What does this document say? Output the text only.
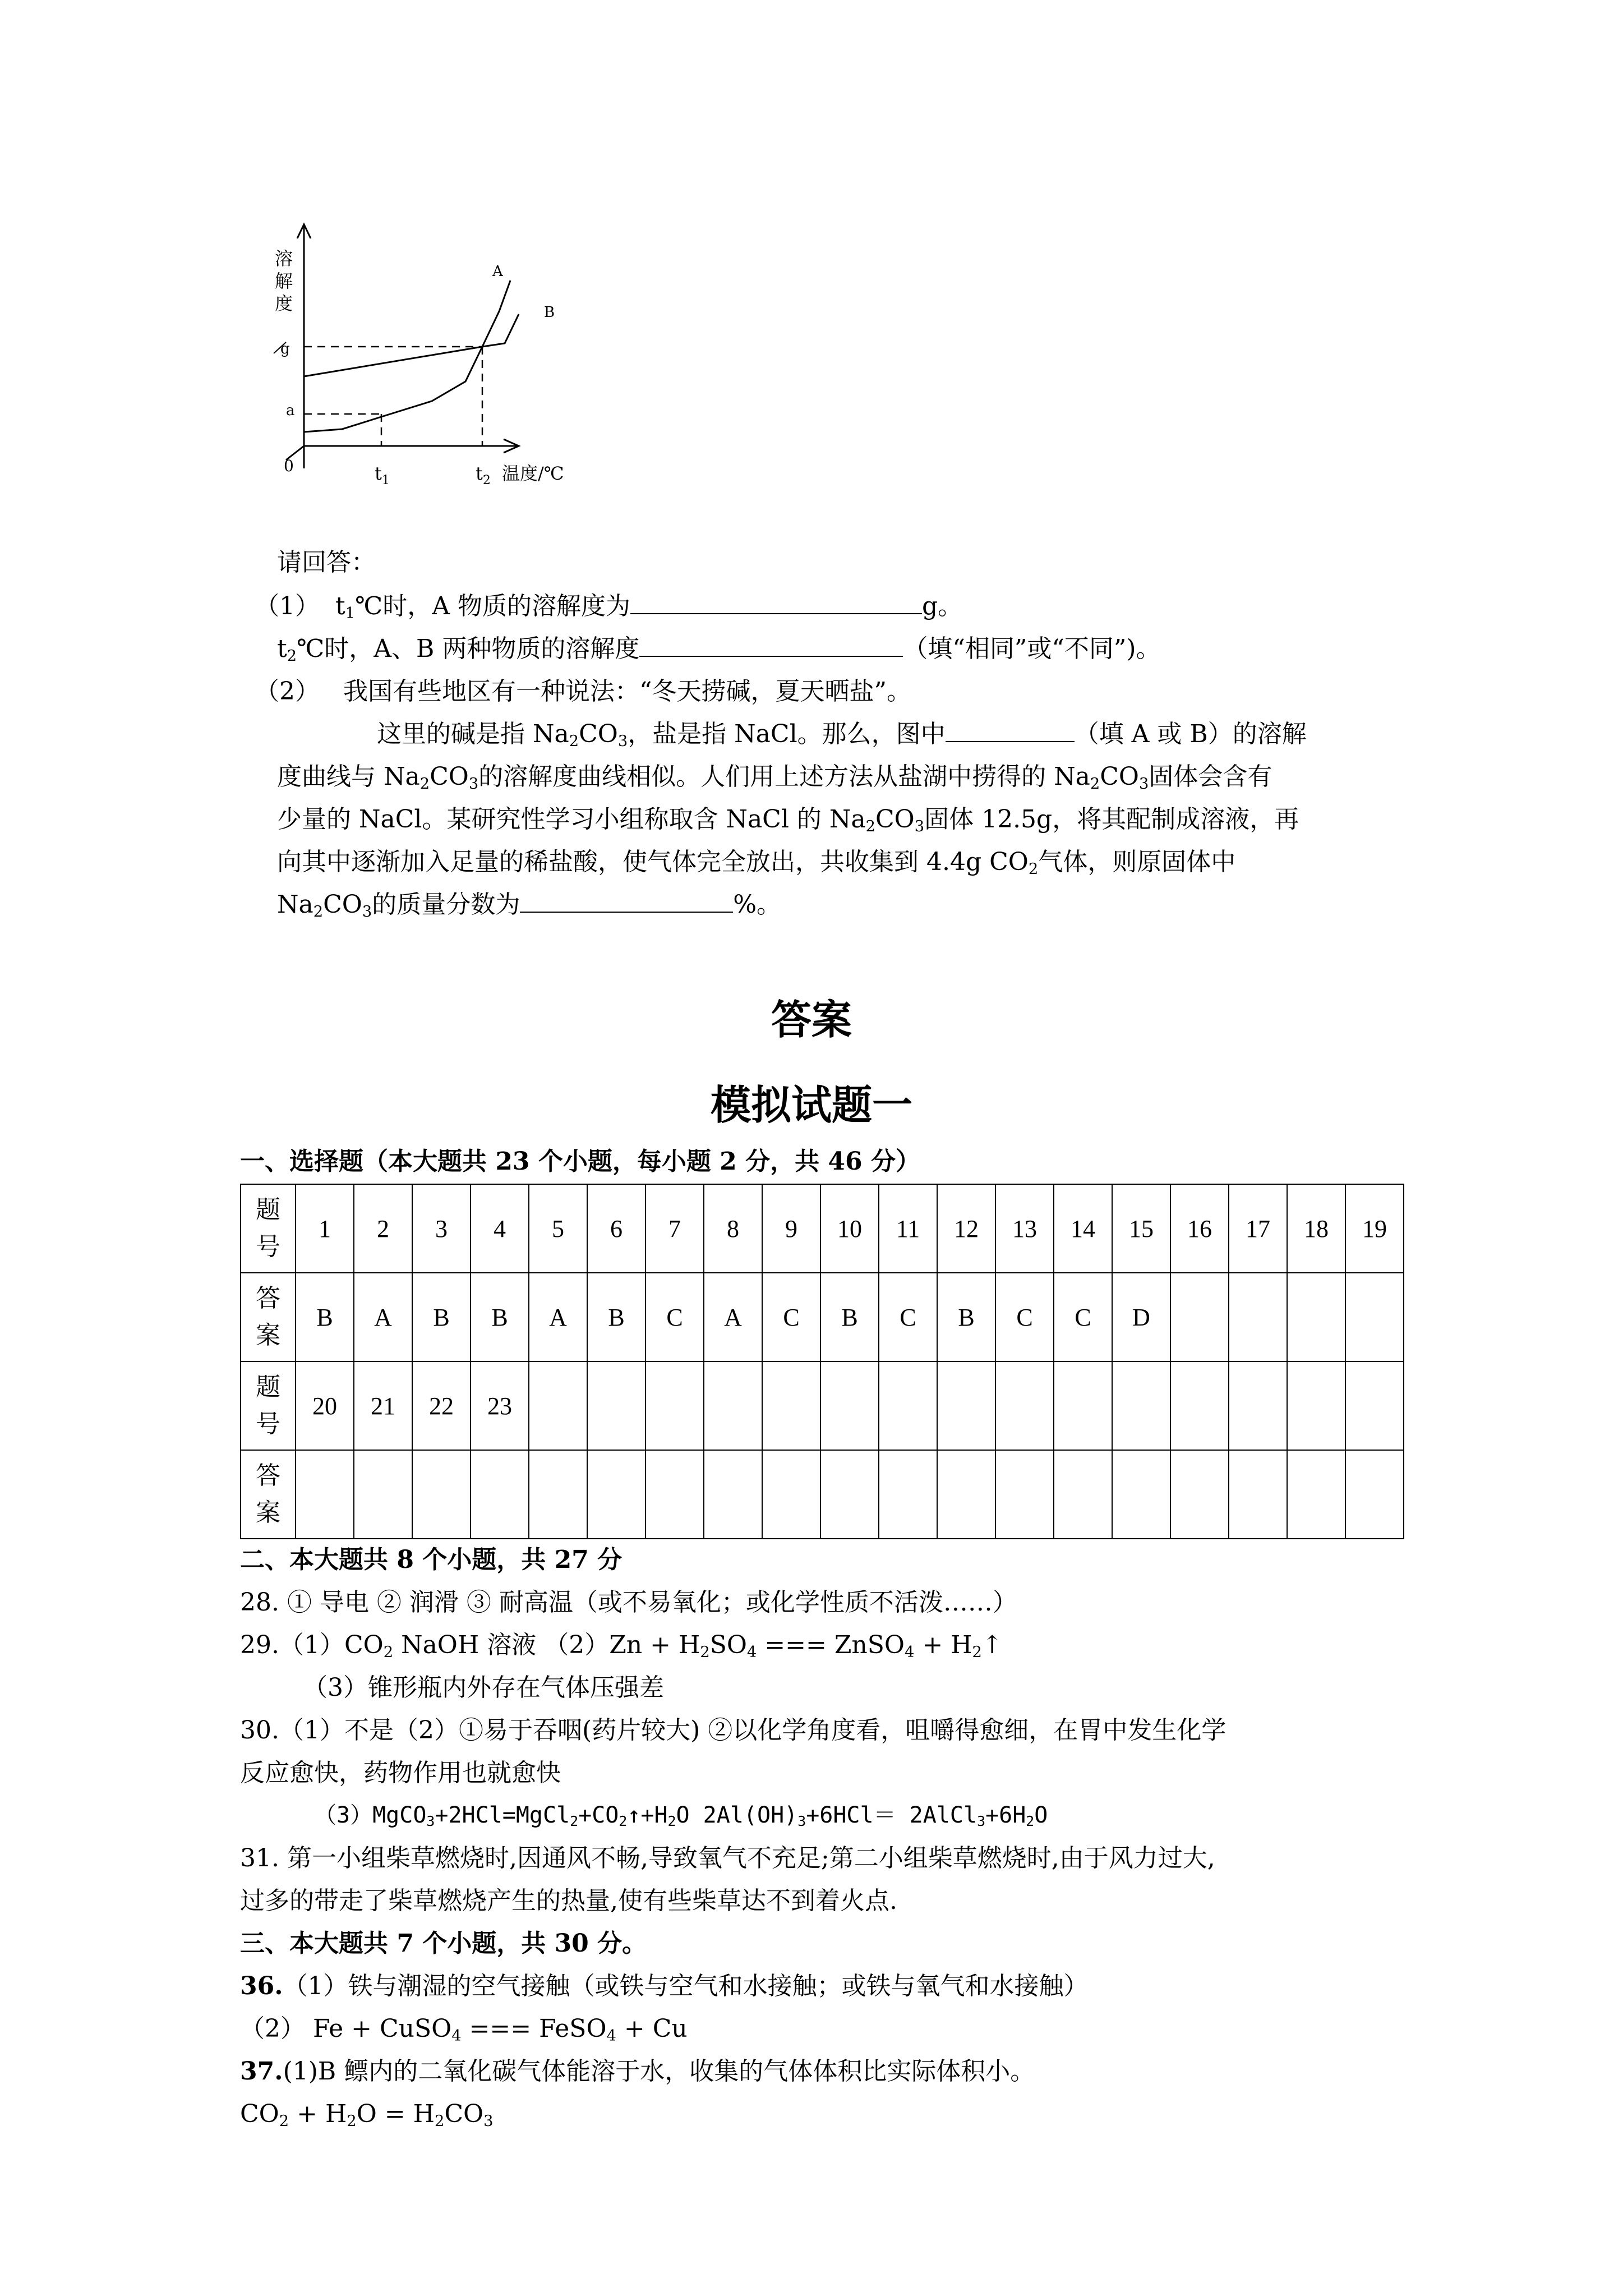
溶
解
度
g
a
0	$t_1$	$t_2$ 温度/℃
A
B
请回答：
（1） $t_1℃$时，A 物质的溶解度为	g。
$t_2℃$时，A、B 两种物质的溶解度	（填“相同”或“不同”)。
（2） 我国有些地区有一种说法：“冬天捞碱，夏天晒盐”。
这里的碱是指 $Na_2CO_3$，盐是指 NaCl。那么，图中	（填 A 或 B）的溶解
度曲线与 $Na_2CO_3$的溶解度曲线相似。人们用上述方法从盐湖中捞得的 $Na_2CO_3$固体会含有
少量的 NaCl。某研究性学习小组称取含 NaCl 的 $Na_2CO_3$固体 12.5g，将其配制成溶液，再
向其中逐渐加入足量的稀盐酸，使气体完全放出，共收集到 4.4g $CO_2$气体，则原固体中
$Na_2CO_3$的质量分数为	%。
答案
模拟试题一
一、选择题（本大题共 23 个小题，每小题 2 分，共 46 分）
题
号	1	2	3	4	5	6	7	8	9	10	11	12	13	14	15	16	17	18	19
答
案	B	A	B	B	A	B	C	A	C	B	C	B	C	C	D				
题
号	20	21	22	23															
答
案																			
二、本大题共 8 个小题，共 27 分
28. ① 导电 ② 润滑 ③ 耐高温（或不易氧化；或化学性质不活泼……）
$29.(1)CO_2$ NaOH 溶液 $(2)Zn + H_2SO_4$ === ZnSO$_4$ + $H_2↑$
（3）锥形瓶内外存在气体压强差
30.（1）不是（2）①易于吞咽(药片较大) ②以化学角度看，咀嚼得愈细，在胃中发生化学
反应愈快，药物作用也就愈快
$(3)MgCO_3+2HCl=MgCl_2+CO_2↑+H_2O$ $2Al(OH)_3+6HCl=$ $2AlCl_3+6H_2O$
31. 第一小组柴草燃烧时,因通风不畅,导致氧气不充足;第二小组柴草燃烧时,由于风力过大,
过多的带走了柴草燃烧产生的热量,使有些柴草达不到着火点.
三、本大题共 7 个小题，共 30 分。
36.（1）铁与潮湿的空气接触（或铁与空气和水接触；或铁与氧气和水接触）
（2） Fe + CuSO$_4$ === FeSO$_4$ + Cu
37.(1)B 鳔内的二氧化碳气体能溶于水，收集的气体体积比实际体积小。
$CO_2 + H_2O = H_2CO_3$
